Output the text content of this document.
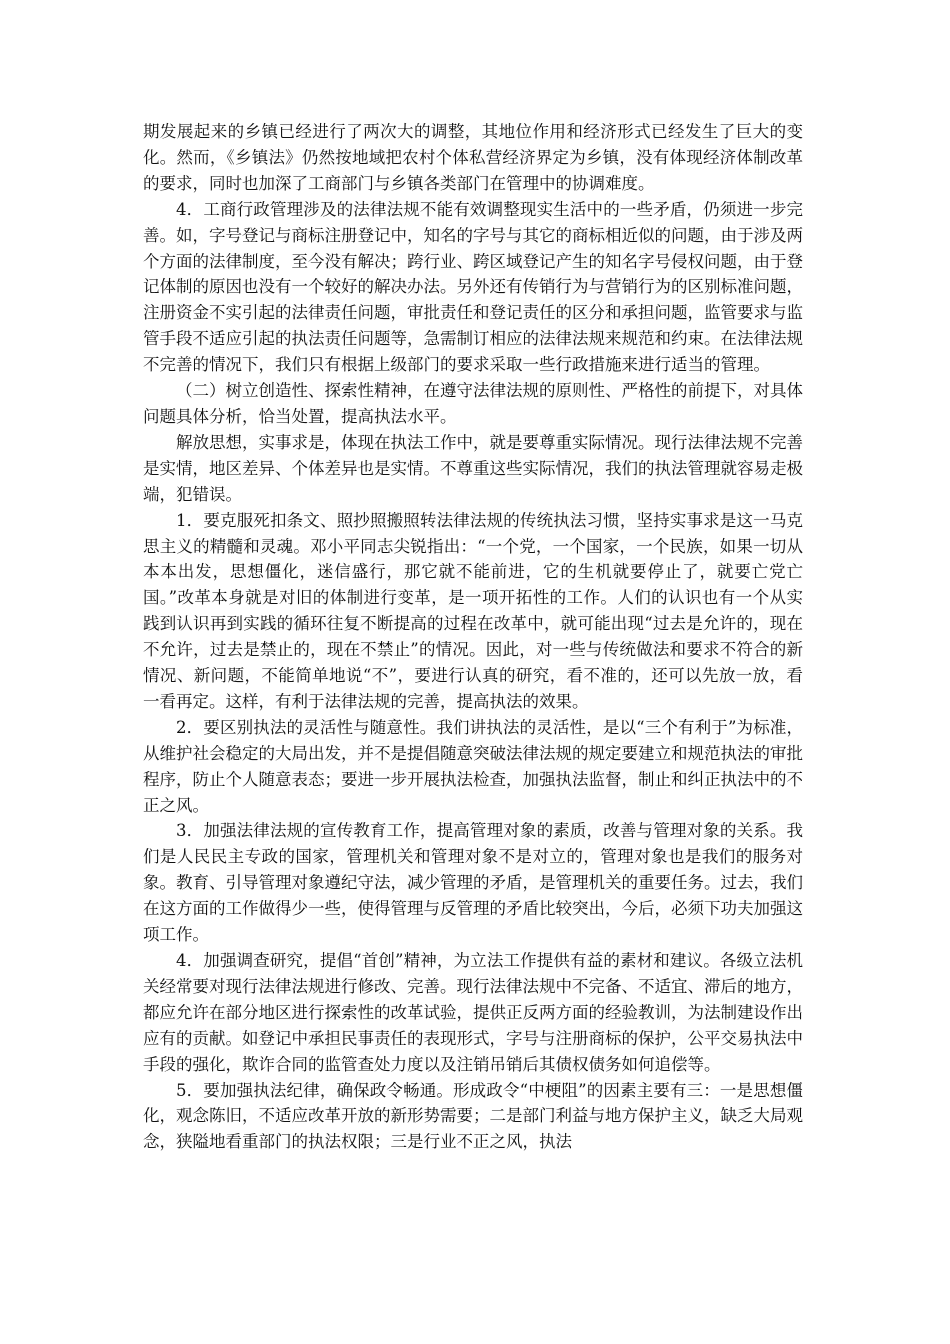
期发展起来的乡镇已经进行了两次大的调整，其地位作用和经济形式已经发生了巨大的变化。然而，《乡镇法》仍然按地域把农村个体私营经济界定为乡镇，没有体现经济体制改革的要求，同时也加深了工商部门与乡镇各类部门在管理中的协调难度。

4．工商行政管理涉及的法律法规不能有效调整现实生活中的一些矛盾，仍须进一步完善。如，字号登记与商标注册登记中，知名的字号与其它的商标相近似的问题，由于涉及两个方面的法律制度，至今没有解决；跨行业、跨区域登记产生的知名字号侵权问题，由于登记体制的原因也没有一个较好的解决办法。另外还有传销行为与营销行为的区别标准问题，注册资金不实引起的法律责任问题，审批责任和登记责任的区分和承担问题，监管要求与监管手段不适应引起的执法责任问题等，急需制订相应的法律法规来规范和约束。在法律法规不完善的情况下，我们只有根据上级部门的要求采取一些行政措施来进行适当的管理。

（二）树立创造性、探索性精神，在遵守法律法规的原则性、严格性的前提下，对具体问题具体分析，恰当处置，提高执法水平。

解放思想，实事求是，体现在执法工作中，就是要尊重实际情况。现行法律法规不完善是实情，地区差异、个体差异也是实情。不尊重这些实际情况，我们的执法管理就容易走极端，犯错误。

1．要克服死扣条文、照抄照搬照转法律法规的传统执法习惯，坚持实事求是这一马克思主义的精髓和灵魂。邓小平同志尖锐指出：“一个党，一个国家，一个民族，如果一切从本本出发，思想僵化，迷信盛行，那它就不能前进，它的生机就要停止了，就要亡党亡国。”改革本身就是对旧的体制进行变革，是一项开拓性的工作。人们的认识也有一个从实践到认识再到实践的循环往复不断提高的过程在改革中，就可能出现“过去是允许的，现在不允许，过去是禁止的，现在不禁止”的情况。因此，对一些与传统做法和要求不符合的新情况、新问题，不能简单地说“不”，要进行认真的研究，看不准的，还可以先放一放，看一看再定。这样，有利于法律法规的完善，提高执法的效果。

2．要区别执法的灵活性与随意性。我们讲执法的灵活性，是以“三个有利于”为标准，从维护社会稳定的大局出发，并不是提倡随意突破法律法规的规定要建立和规范执法的审批程序，防止个人随意表态；要进一步开展执法检查，加强执法监督，制止和纠正执法中的不正之风。

3．加强法律法规的宣传教育工作，提高管理对象的素质，改善与管理对象的关系。我们是人民民主专政的国家，管理机关和管理对象不是对立的，管理对象也是我们的服务对象。教育、引导管理对象遵纪守法，减少管理的矛盾，是管理机关的重要任务。过去，我们在这方面的工作做得少一些，使得管理与反管理的矛盾比较突出，今后，必须下功夫加强这项工作。

4．加强调查研究，提倡“首创”精神，为立法工作提供有益的素材和建议。各级立法机关经常要对现行法律法规进行修改、完善。现行法律法规中不完备、不适宜、滞后的地方，都应允许在部分地区进行探索性的改革试验，提供正反两方面的经验教训，为法制建设作出应有的贡献。如登记中承担民事责任的表现形式，字号与注册商标的保护，公平交易执法中手段的强化，欺诈合同的监管查处力度以及注销吊销后其债权债务如何追偿等。

5．要加强执法纪律，确保政令畅通。形成政令“中梗阻”的因素主要有三：一是思想僵化，观念陈旧，不适应改革开放的新形势需要；二是部门利益与地方保护主义，缺乏大局观念，狭隘地看重部门的执法权限；三是行业不正之风，执法
